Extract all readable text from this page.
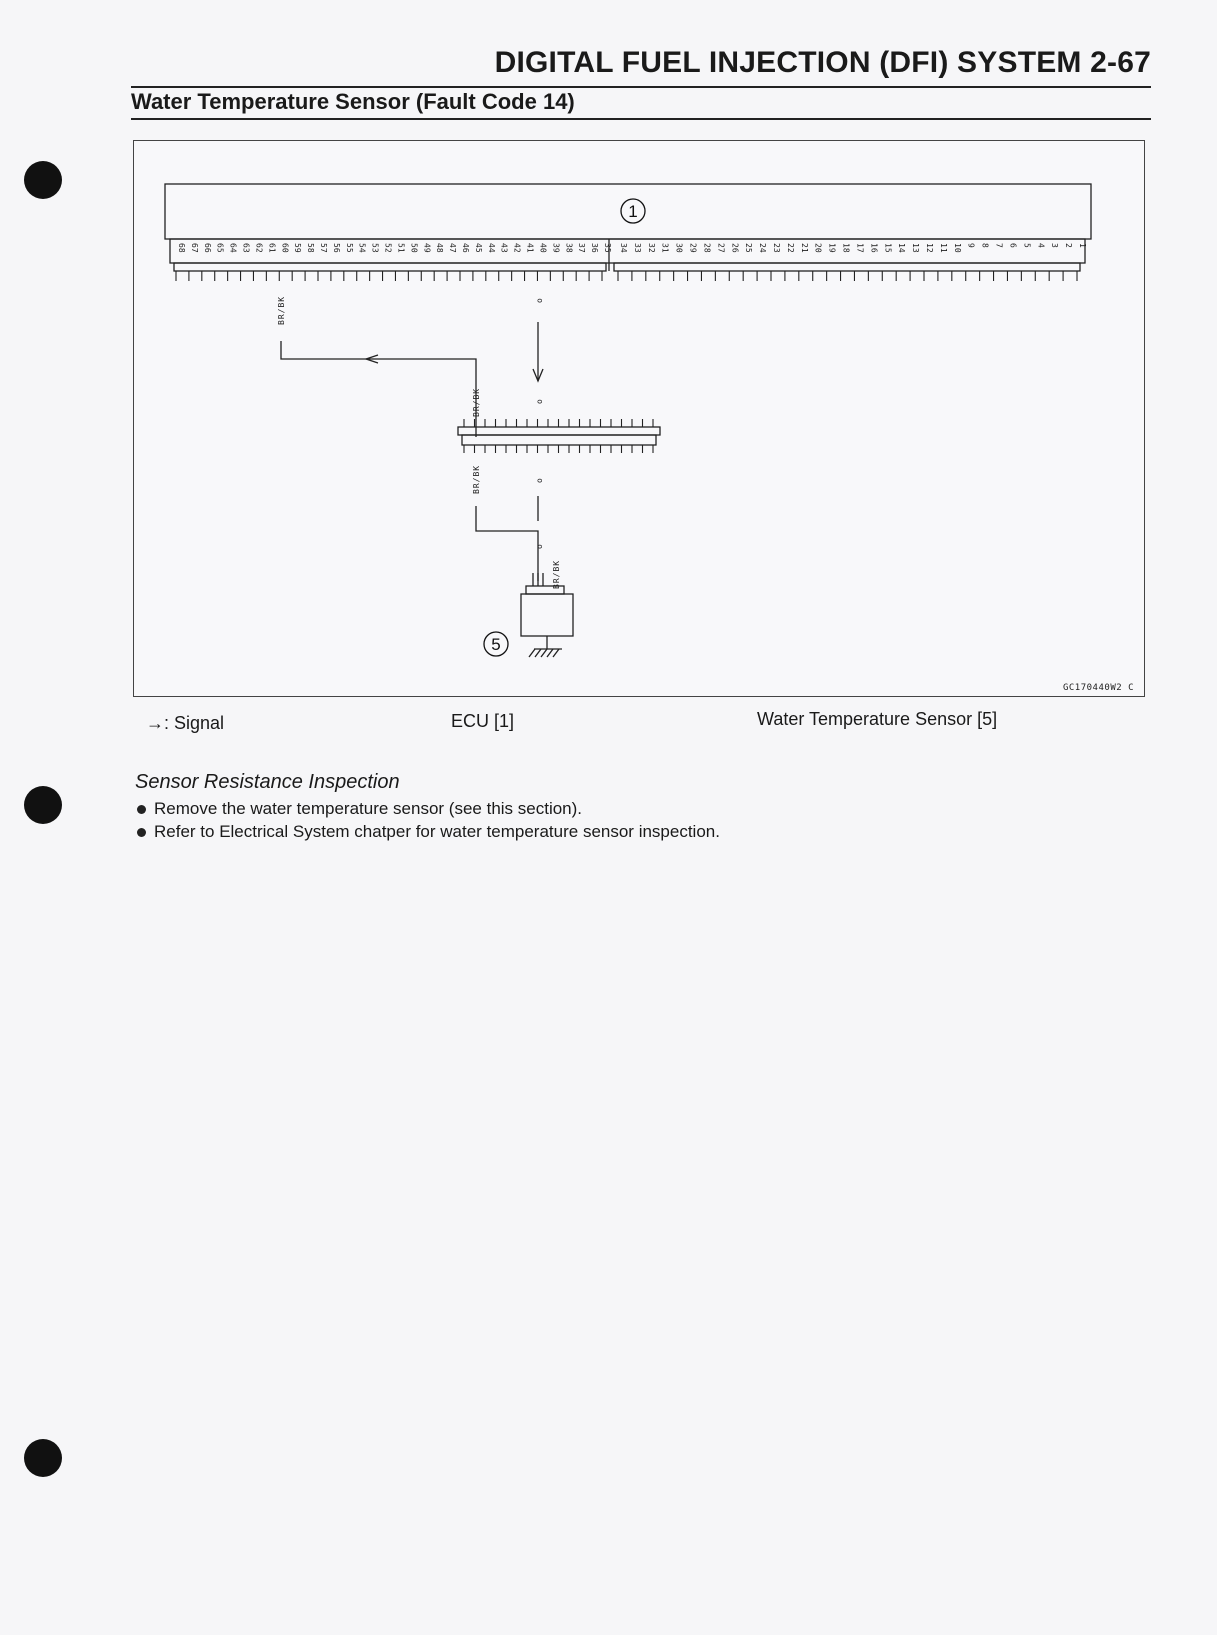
DIGITAL FUEL INJECTION (DFI) SYSTEM 2-67
Water Temperature Sensor (Fault Code 14)
68 67 66 65 64 63 62 61 60 59 58 57 56 55 54 53 52 51 50 49 48 47 46 45 44 43 42 41 40 39 38 37 36 35 34 33 32 31 30 29 28 27 26 25 24 23 22 21 20 19 18 17 16 15 14 13 12 11 10 9 8 7 6 5 4 3 2 1
1
BR/BK
BR/BK
BR/BK
BR/BK
o
o
o
o
5
GC170440W2 C
→: Signal	ECU [1]	Water Temperature Sensor [5]
Sensor Resistance Inspection
Remove the water temperature sensor (see this section).
Refer to Electrical System chatper for water temperature sensor inspection.
